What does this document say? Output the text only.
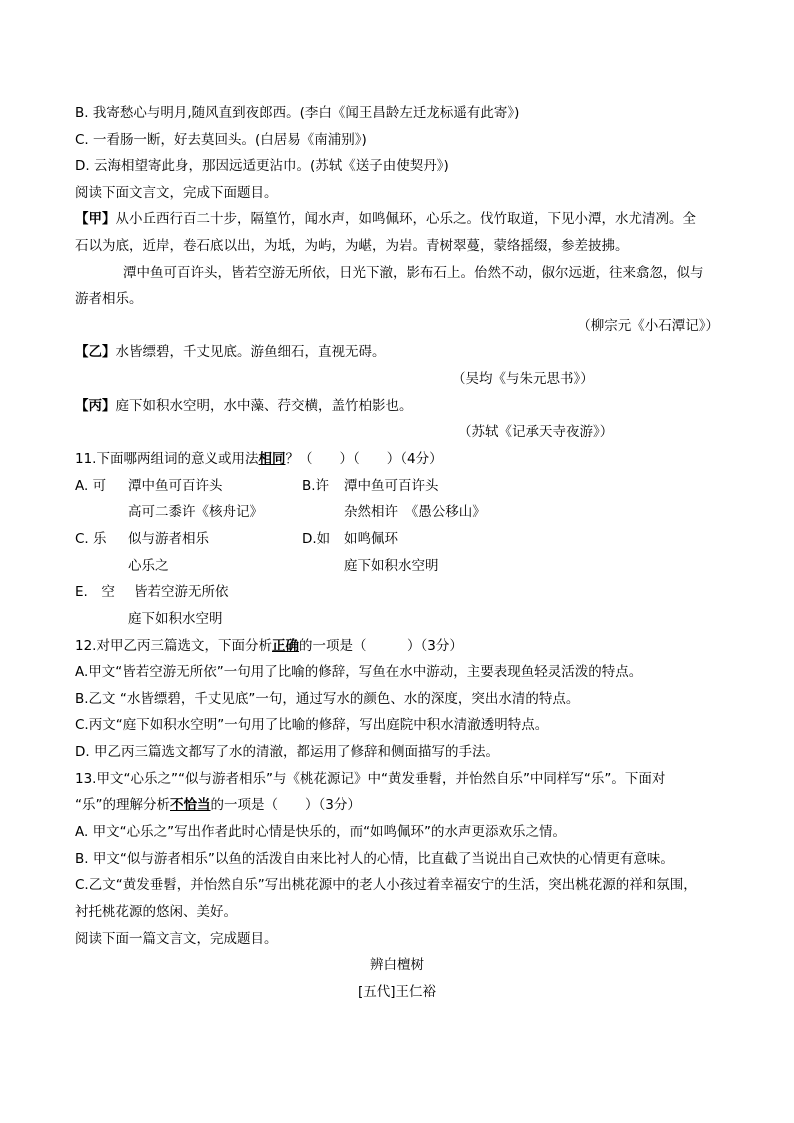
B. 我寄愁心与明月,随风直到夜郎西。(李白《闻王昌龄左迁龙标遥有此寄》)
C. 一看肠一断，好去莫回头。(白居易《南浦别》)
D. 云海相望寄此身，那因远适更沾巾。(苏轼《送子由使契丹》)
阅读下面文言文，完成下面题目。
【甲】从小丘西行百二十步，隔篁竹，闻水声，如鸣佩环，心乐之。伐竹取道，下见小潭，水尤清冽。全
石以为底，近岸，卷石底以出，为坻，为屿，为嵁，为岩。青树翠蔓，蒙络摇缀，参差披拂。
潭中鱼可百许头，皆若空游无所依，日光下澈，影布石上。佁然不动，俶尔远逝，往来翕忽，似与
游者相乐。
（柳宗元《小石潭记》）
【乙】水皆缥碧，千丈见底。游鱼细石，直视无碍。
（吴均《与朱元思书》）
【丙】庭下如积水空明，水中藻、荇交横，盖竹柏影也。
（苏轼《记承天寺夜游》）
11.下面哪两组词的意义或用法相同？（　　）（　　）（4分）
A. 可 潭中鱼可百许头	B.许 潭中鱼可百许头
高可二黍许《核舟记》	杂然相许　《愚公移山》
C. 乐 似与游者相乐	D.如 如鸣佩环
心乐之	庭下如积水空明
E.　空 皆若空游无所依
庭下如积水空明
12.对甲乙丙三篇选文，下面分析正确的一项是（　　　）（3分）
A.甲文“皆若空游无所依”一句用了比喻的修辞，写鱼在水中游动，主要表现鱼轻灵活泼的特点。
B.乙文 “水皆缥碧，千丈见底”一句，通过写水的颜色、水的深度，突出水清的特点。
C.丙文“庭下如积水空明”一句用了比喻的修辞，写出庭院中积水清澈透明特点。
D. 甲乙丙三篇选文都写了水的清澈，都运用了修辞和侧面描写的手法。
13.甲文“心乐之”“似与游者相乐”与《桃花源记》中“黄发垂髫，并怡然自乐”中同样写“乐”。下面对
“乐”的理解分析不恰当的一项是（　　）（3分）
A. 甲文“心乐之”写出作者此时心情是快乐的，而“如鸣佩环”的水声更添欢乐之情。
B. 甲文“似与游者相乐”以鱼的活泼自由来比衬人的心情，比直截了当说出自己欢快的心情更有意味。
C.乙文“黄发垂髫，并怡然自乐”写出桃花源中的老人小孩过着幸福安宁的生活，突出桃花源的祥和氛围，
衬托桃花源的悠闲、美好。
阅读下面一篇文言文，完成题目。
辨白檀树
[五代]王仁裕
